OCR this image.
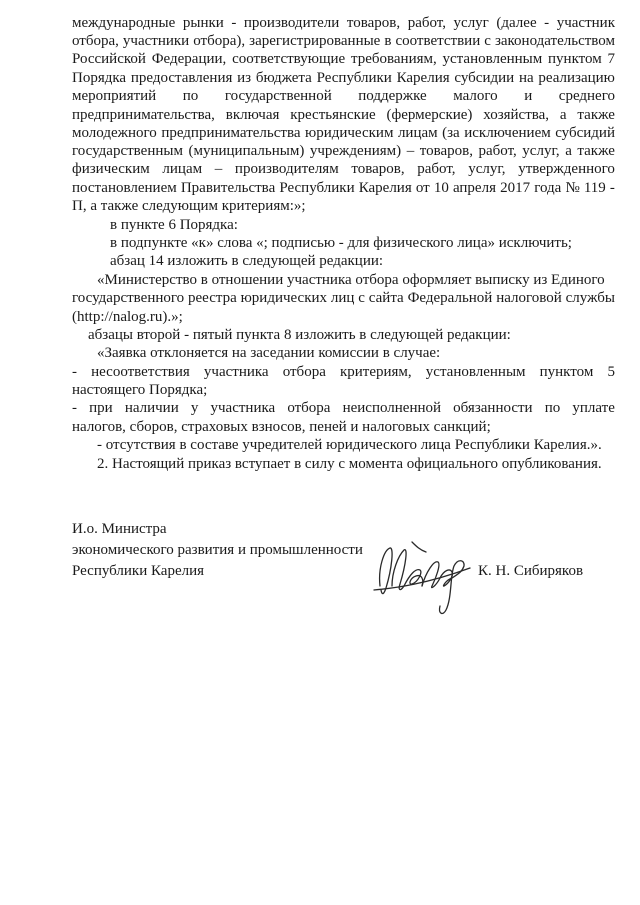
международные рынки - производители товаров, работ, услуг (далее - участник
отбора, участники отбора), зарегистрированные в соответствии с законодательством
Российской Федерации, соответствующие требованиям, установленным пунктом 7
Порядка предоставления из бюджета Республики Карелия субсидии на реализацию
мероприятий по государственной поддержке малого и среднего
предпринимательства, включая крестьянские (фермерские) хозяйства, а также
молодежного предпринимательства юридическим лицам (за исключением субсидий
государственным (муниципальным) учреждениям) – товаров, работ, услуг, а также
физическим лицам – производителям товаров, работ, услуг, утвержденного
постановлением Правительства Республики Карелия от 10 апреля 2017 года № 119 -
П, а также следующим критериям:»;
в пункте 6 Порядка:
в подпункте «к» слова «; подписью - для физического лица» исключить;
абзац 14 изложить в следующей редакции:
«Министерство в отношении участника отбора оформляет выписку из Единого
государственного реестра юридических лиц с сайта Федеральной налоговой службы
(http://nalog.ru).»;
абзацы второй - пятый пункта 8 изложить в следующей редакции:
«Заявка отклоняется на заседании комиссии в случае:
- несоответствия участника отбора критериям, установленным пунктом 5
настоящего Порядка;
- при наличии у участника отбора неисполненной обязанности по уплате
налогов, сборов, страховых взносов, пеней и налоговых санкций;
- отсутствия в составе учредителей юридического лица Республики Карелия.».
2. Настоящий приказ вступает в силу с момента официального опубликования.
И.о. Министра
экономического развития и промышленности
Республики Карелия	К. Н. Сибиряков
